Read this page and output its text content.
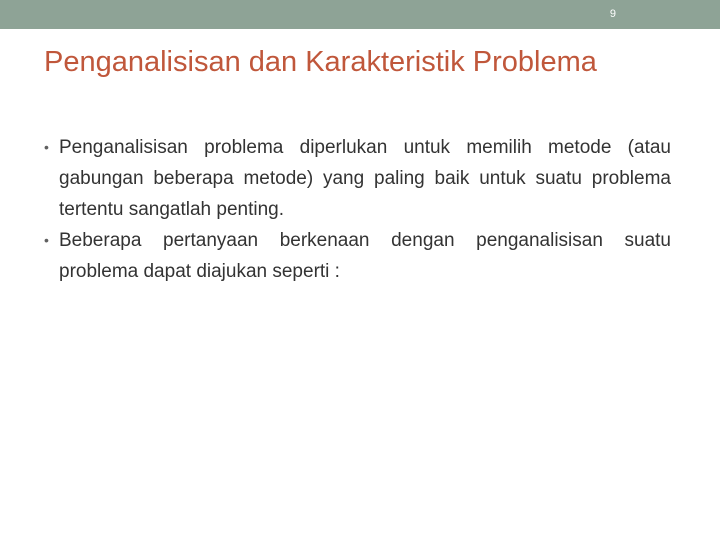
9
Penganalisisan dan Karakteristik Problema
• Penganalisisan problema diperlukan untuk memilih metode (atau gabungan beberapa metode) yang paling baik untuk suatu problema tertentu sangatlah penting.
• Beberapa pertanyaan berkenaan dengan penganalisisan suatu problema dapat diajukan seperti :
